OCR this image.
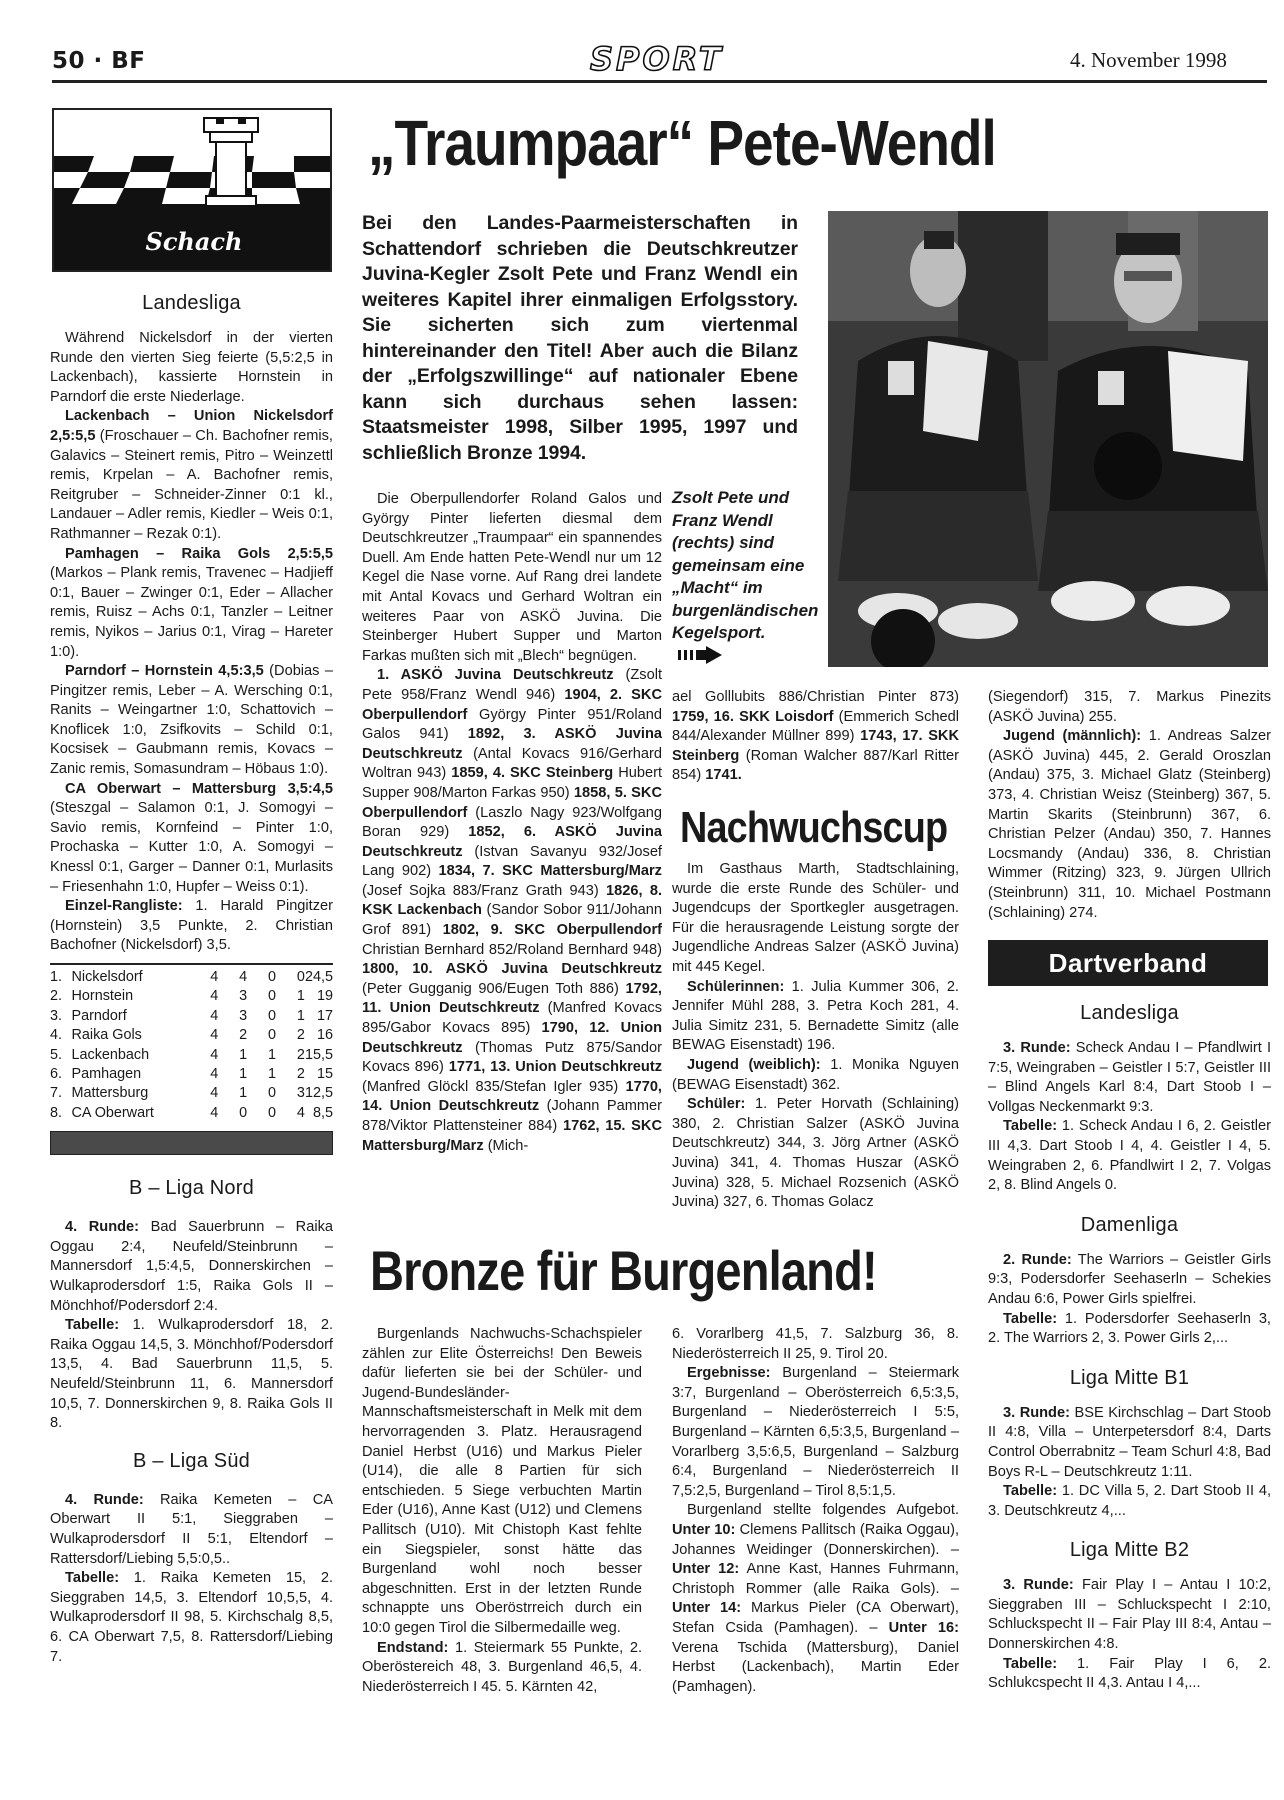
50 · BF	SPORT	4. November 1998
Schach
Landesliga

Während Nickelsdorf in der vierten Runde den vierten Sieg feierte (5,5:2,5 in Lackenbach), kassierte Hornstein in Parndorf die erste Niederlage.

Lackenbach – Union Nickelsdorf 2,5:5,5 (Froschauer – Ch. Bachofner remis, Galavics – Steinert remis, Pitro – Weinzettl remis, Krpelan – A. Bachofner remis, Reitgruber – Schneider-Zinner 0:1 kl., Landauer – Adler remis, Kiedler – Weis 0:1, Rathmanner – Rezak 0:1).

Pamhagen – Raika Gols 2,5:5,5 (Markos – Plank remis, Travenec – Hadjieff 0:1, Bauer – Zwinger 0:1, Eder – Allacher remis, Ruisz – Achs 0:1, Tanzler – Leitner remis, Nyikos – Jarius 0:1, Virag – Hareter 1:0).

Parndorf – Hornstein 4,5:3,5 (Dobias – Pingitzer remis, Leber – A. Wersching 0:1, Ranits – Weingartner 1:0, Schattovich – Knoflicek 1:0, Zsifkovits – Schild 0:1, Kocsisek – Gaubmann remis, Kovacs – Zanic remis, Somasundram – Höbaus 1:0).

CA Oberwart – Mattersburg 3,5:4,5 (Steszgal – Salamon 0:1, J. Somogyi – Savio remis, Kornfeind – Pinter 1:0, Prochaska – Kutter 1:0, A. Somogyi – Knessl 0:1, Garger – Danner 0:1, Murlasits – Friesenhahn 1:0, Hupfer – Weiss 0:1).

Einzel-Rangliste: 1. Harald Pingitzer (Hornstein) 3,5 Punkte, 2. Christian Bachofner (Nickelsdorf) 3,5.

1.	Nickelsdorf	4	4	0	0	24,5
2.	Hornstein	4	3	0	1	19
3.	Parndorf	4	3	0	1	17
4.	Raika Gols	4	2	0	2	16
5.	Lackenbach	4	1	1	2	15,5
6.	Pamhagen	4	1	1	2	15
7.	Mattersburg	4	1	0	3	12,5
8.	CA Oberwart	4	0	0	4	8,5
B – Liga Nord

4. Runde: Bad Sauerbrunn – Raika Oggau 2:4, Neufeld/Steinbrunn – Mannersdorf 1,5:4,5, Donnerskirchen – Wulkaprodersdorf 1:5, Raika Gols II – Mönchhof/Podersdorf 2:4.

Tabelle: 1. Wulkaprodersdorf 18, 2. Raika Oggau 14,5, 3. Mönchhof/Podersdorf 13,5, 4. Bad Sauerbrunn 11,5, 5. Neufeld/Steinbrunn 11, 6. Mannersdorf 10,5, 7. Donnerskirchen 9, 8. Raika Gols II 8.

B – Liga Süd

4. Runde: Raika Kemeten – CA Oberwart II 5:1, Sieggraben – Wulkaprodersdorf II 5:1, Eltendorf – Rattersdorf/Liebing 5,5:0,5..

Tabelle: 1. Raika Kemeten 15, 2. Sieggraben 14,5, 3. Eltendorf 10,5,5, 4. Wulkaprodersdorf II 98, 5. Kirchschalg 8,5, 6. CA Oberwart 7,5, 8. Rattersdorf/Liebing 7.

„Traumpaar“ Pete-Wendl
Bei den Landes-Paarmeisterschaften in Schattendorf schrieben die Deutschkreutzer Juvina-Kegler Zsolt Pete und Franz Wendl ein weiteres Kapitel ihrer einmaligen Erfolgsstory. Sie sicherten sich zum viertenmal hintereinander den Titel! Aber auch die Bilanz der „Erfolgszwillinge“ auf nationaler Ebene kann sich durchaus sehen lassen: Staatsmeister 1998, Silber 1995, 1997 und schließlich Bronze 1994.
Zsolt Pete und Franz Wendl (rechts) sind gemeinsam eine „Macht“ im burgenländischen Kegelsport.

Die Oberpullendorfer Roland Galos und György Pinter lieferten diesmal dem Deutschkreutzer „Traumpaar“ ein spannendes Duell. Am Ende hatten Pete-Wendl nur um 12 Kegel die Nase vorne. Auf Rang drei landete mit Antal Kovacs und Gerhard Woltran ein weiteres Paar von ASKÖ Juvina. Die Steinberger Hubert Supper und Marton Farkas mußten sich mit „Blech“ begnügen.

1. ASKÖ Juvina Deutschkreutz (Zsolt Pete 958/Franz Wendl 946) 1904, 2. SKC Oberpullendorf György Pinter 951/Roland Galos 941) 1892, 3. ASKÖ Juvina Deutschkreutz (Antal Kovacs 916/Gerhard Woltran 943) 1859, 4. SKC Steinberg Hubert Supper 908/Marton Farkas 950) 1858, 5. SKC Oberpullendorf (Laszlo Nagy 923/Wolfgang Boran 929) 1852, 6. ASKÖ Juvina Deutschkreutz (Istvan Savanyu 932/Josef Lang 902) 1834, 7. SKC Mattersburg/Marz (Josef Sojka 883/Franz Grath 943) 1826, 8. KSK Lackenbach (Sandor Sobor 911/Johann Grof 891) 1802, 9. SKC Oberpullendorf Christian Bernhard 852/Roland Bernhard 948) 1800, 10. ASKÖ Juvina Deutschkreutz (Peter Gugganig 906/Eugen Toth 886) 1792, 11. Union Deutschkreutz (Manfred Kovacs 895/Gabor Kovacs 895) 1790, 12. Union Deutschkreutz (Thomas Putz 875/Sandor Kovacs 896) 1771, 13. Union Deutschkreutz (Manfred Glöckl 835/Stefan Igler 935) 1770, 14. Union Deutschkreutz (Johann Pammer 878/Viktor Plattensteiner 884) 1762, 15. SKC Mattersburg/Marz (Mich-

ael Golllubits 886/Christian Pinter 873) 1759, 16. SKK Loisdorf (Emmerich Schedl 844/Alexander Müllner 899) 1743, 17. SKK Steinberg (Roman Walcher 887/Karl Ritter 854) 1741.

Nachwuchscup

Im Gasthaus Marth, Stadtschlaining, wurde die erste Runde des Schüler- und Jugendcups der Sportkegler ausgetragen. Für die herausragende Leistung sorgte der Jugendliche Andreas Salzer (ASKÖ Juvina) mit 445 Kegel.

Schülerinnen: 1. Julia Kummer 306, 2. Jennifer Mühl 288, 3. Petra Koch 281, 4. Julia Simitz 231, 5. Bernadette Simitz (alle BEWAG Eisenstadt) 196.

Jugend (weiblich): 1. Monika Nguyen (BEWAG Eisenstadt) 362.

Schüler: 1. Peter Horvath (Schlaining) 380, 2. Christian Salzer (ASKÖ Juvina Deutschkreutz) 344, 3. Jörg Artner (ASKÖ Juvina) 341, 4. Thomas Huszar (ASKÖ Juvina) 328, 5. Michael Rozsenich (ASKÖ Juvina) 327, 6. Thomas Golacz

(Siegendorf) 315, 7. Markus Pinezits (ASKÖ Juvina) 255.

Jugend (männlich): 1. Andreas Salzer (ASKÖ Juvina) 445, 2. Gerald Oroszlan (Andau) 375, 3. Michael Glatz (Steinberg) 373, 4. Christian Weisz (Steinberg) 367, 5. Martin Skarits (Steinbrunn) 367, 6. Christian Pelzer (Andau) 350, 7. Hannes Locsmandy (Andau) 336, 8. Christian Wimmer (Ritzing) 323, 9. Jürgen Ullrich (Steinbrunn) 311, 10. Michael Postmann (Schlaining) 274.

Dartverband
Landesliga

3. Runde: Scheck Andau I – Pfandlwirt I 7:5, Weingraben – Geistler I 5:7, Geistler III – Blind Angels Karl 8:4, Dart Stoob I – Vollgas Neckenmarkt 9:3.

Tabelle: 1. Scheck Andau I 6, 2. Geistler III 4,3. Dart Stoob I 4, 4. Geistler I 4, 5. Weingraben 2, 6. Pfandlwirt I 2, 7. Volgas 2, 8. Blind Angels 0.

Damenliga

2. Runde: The Warriors – Geistler Girls 9:3, Podersdorfer Seehaserln – Schekies Andau 6:6, Power Girls spielfrei.

Tabelle: 1. Podersdorfer Seehaserln 3, 2. The Warriors 2, 3. Power Girls 2,...

Liga Mitte B1

3. Runde: BSE Kirchschlag – Dart Stoob II 4:8, Villa – Unterpetersdorf 8:4, Darts Control Oberrabnitz – Team Schurl 4:8, Bad Boys R-L – Deutschkreutz 1:11.

Tabelle: 1. DC Villa 5, 2. Dart Stoob II 4, 3. Deutschkreutz 4,...

Liga Mitte B2

3. Runde: Fair Play I – Antau I 10:2, Sieggraben III – Schluckspecht I 2:10, Schluckspecht II – Fair Play III 8:4, Antau – Donnerskirchen 4:8.

Tabelle: 1. Fair Play I 6, 2. Schlukcspecht II 4,3. Antau I 4,...

Bronze für Burgenland!

Burgenlands Nachwuchs-Schachspieler zählen zur Elite Österreichs! Den Beweis dafür lieferten sie bei der Schüler- und Jugend-Bundesländer-Mannschaftsmeisterschaft in Melk mit dem hervorragenden 3. Platz. Herausragend Daniel Herbst (U16) und Markus Pieler (U14), die alle 8 Partien für sich entschieden. 5 Siege verbuchten Martin Eder (U16), Anne Kast (U12) und Clemens Pallitsch (U10). Mit Chistoph Kast fehlte ein Siegspieler, sonst hätte das Burgenland wohl noch besser abgeschnitten. Erst in der letzten Runde schnappte uns Oberöstrreich durch ein 10:0 gegen Tirol die Silbermedaille weg.

Endstand: 1. Steiermark 55 Punkte, 2. Oberöstereich 48, 3. Burgenland 46,5, 4. Niederösterreich I 45. 5. Kärnten 42,

6. Vorarlberg 41,5, 7. Salzburg 36, 8. Niederösterreich II 25, 9. Tirol 20.

Ergebnisse: Burgenland – Steiermark 3:7, Burgenland – Oberösterreich 6,5:3,5, Burgenland – Niederösterreich I 5:5, Burgenland – Kärnten 6,5:3,5, Burgenland – Vorarlberg 3,5:6,5, Burgenland – Salzburg 6:4, Burgenland – Niederösterreich II 7,5:2,5, Burgenland – Tirol 8,5:1,5.

Burgenland stellte folgendes Aufgebot. Unter 10: Clemens Pallitsch (Raika Oggau), Johannes Weidinger (Donnerskirchen). – Unter 12: Anne Kast, Hannes Fuhrmann, Christoph Rommer (alle Raika Gols). – Unter 14: Markus Pieler (CA Oberwart), Stefan Csida (Pamhagen). – Unter 16: Verena Tschida (Mattersburg), Daniel Herbst (Lackenbach), Martin Eder (Pamhagen).
